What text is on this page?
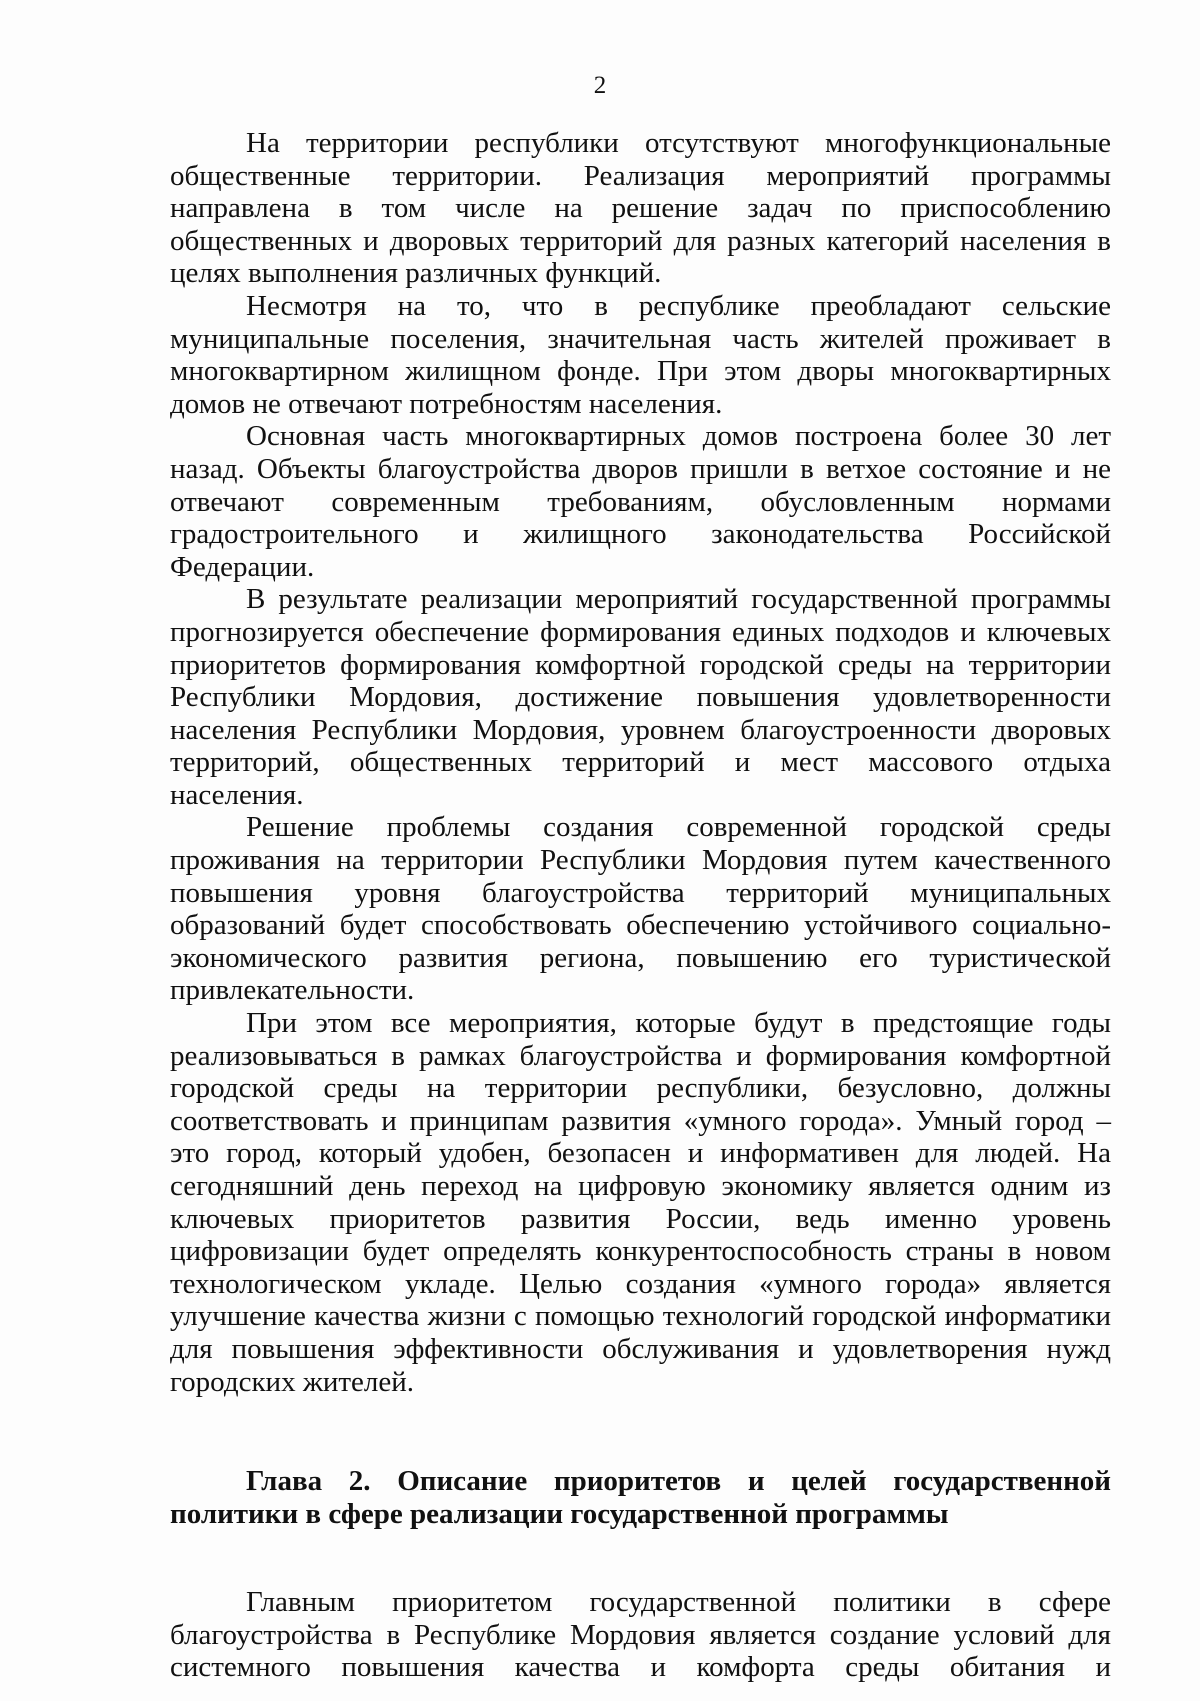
2

На территории республики отсутствуют многофункциональные общественные территории. Реализация мероприятий программы направлена в том числе на решение задач по приспособлению общественных и дворовых территорий для разных категорий населения в целях выполнения различных функций.

Несмотря на то, что в республике преобладают сельские муниципальные поселения, значительная часть жителей проживает в многоквартирном жилищном фонде. При этом дворы многоквартирных домов не отвечают потребностям населения.

Основная часть многоквартирных домов построена более 30 лет назад. Объекты благоустройства дворов пришли в ветхое состояние и не отвечают современным требованиям, обусловленным нормами градостроительного и жилищного законодательства Российской Федерации.

В результате реализации мероприятий государственной программы прогнозируется обеспечение формирования единых подходов и ключевых приоритетов формирования комфортной городской среды на территории Республики Мордовия, достижение повышения удовлетворенности населения Республики Мордовия, уровнем благоустроенности дворовых территорий, общественных территорий и мест массового отдыха населения.

Решение проблемы создания современной городской среды проживания на территории Республики Мордовия путем качественного повышения уровня благоустройства территорий муниципальных образований будет способствовать обеспечению устойчивого социально-экономического развития региона, повышению его туристической привлекательности.

При этом все мероприятия, которые будут в предстоящие годы реализовываться в рамках благоустройства и формирования комфортной городской среды на территории республики, безусловно, должны соответствовать и принципам развития «умного города». Умный город – это город, который удобен, безопасен и информативен для людей. На сегодняшний день переход на цифровую экономику является одним из ключевых приоритетов развития России, ведь именно уровень цифровизации будет определять конкурентоспособность страны в новом технологическом укладе. Целью создания «умного города» является улучшение качества жизни с помощью технологий городской информатики для повышения эффективности обслуживания и удовлетворения нужд городских жителей.

Глава 2. Описание приоритетов и целей государственной политики в сфере реализации государственной программы

Главным приоритетом государственной политики в сфере благоустройства в Республике Мордовия является создание условий для системного повышения качества и комфорта среды обитания и
